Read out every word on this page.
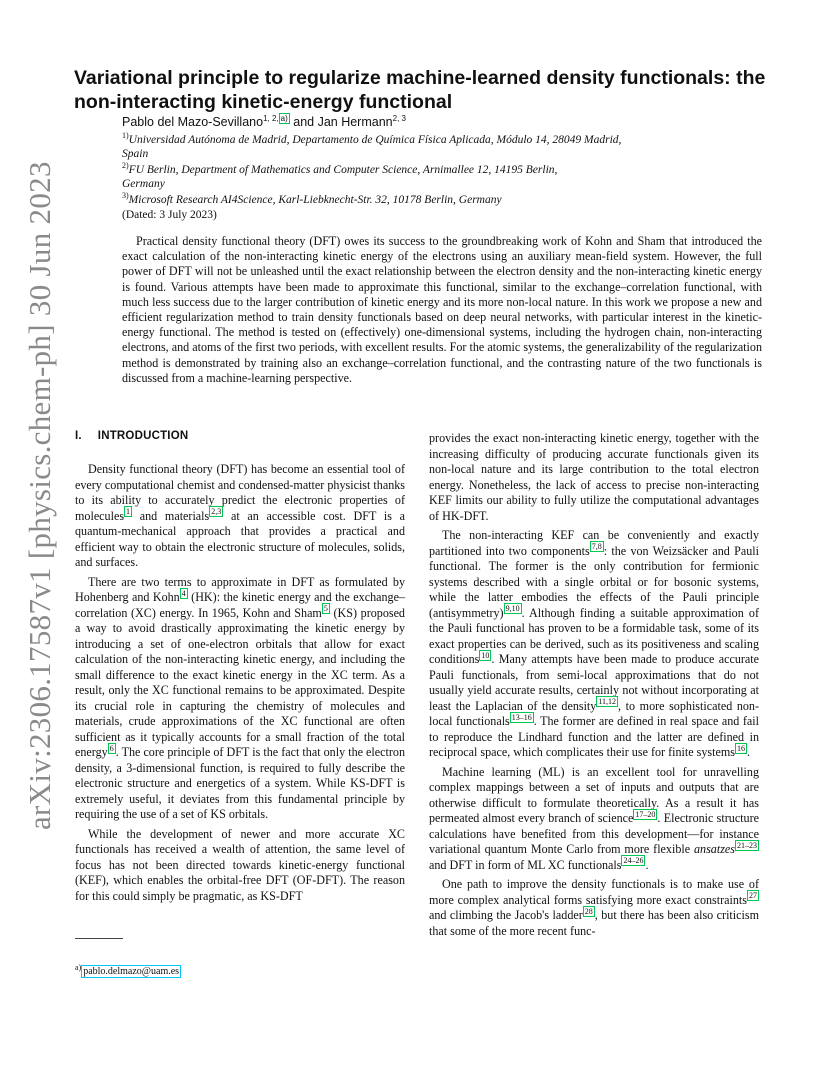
arXiv:2306.17587v1 [physics.chem-ph] 30 Jun 2023
Variational principle to regularize machine-learned density functionals: the
non-interacting kinetic-energy functional
Pablo del Mazo-Sevillano$^{1, 2,}$ $^{a)}$ and Jan Hermann$^{2, 3}$
$^{1)}$Universidad Autónoma de Madrid, Departamento de Química Física Aplicada, Módulo 14, 28049 Madrid,
Spain
$^{2)}$FU Berlin, Department of Mathematics and Computer Science, Arnimallee 12, 14195 Berlin,
Germany
$^{3)}$Microsoft Research AI4Science, Karl-Liebknecht-Str. 32, 10178 Berlin, Germany
(Dated: 3 July 2023)

Practical density functional theory (DFT) owes its success to the groundbreaking work of Kohn and Sham that introduced the exact calculation of the non-interacting kinetic energy of the electrons using an auxiliary mean-field system. However, the full power of DFT will not be unleashed until the exact relationship between the electron density and the non-interacting kinetic energy is found. Various attempts have been made to approximate this functional, similar to the exchange–correlation functional, with much less success due to the larger contribution of kinetic energy and its more non-local nature. In this work we propose a new and efficient regularization method to train density functionals based on deep neural networks, with particular interest in the kinetic-energy functional. The method is tested on (effectively) one-dimensional systems, including the hydrogen chain, non-interacting electrons, and atoms of the first two periods, with excellent results. For the atomic systems, the generalizability of the regularization method is demonstrated by training also an exchange–correlation functional, and the contrasting nature of the two functionals is discussed from a machine-learning perspective.

I. INTRODUCTION

Density functional theory (DFT) has become an essential tool of every computational chemist and condensed-matter physicist thanks to its ability to accurately predict the electronic properties of molecules $^1$ and materials $^{2,3}$ at an accessible cost. DFT is a quantum-mechanical approach that provides a practical and efficient way to obtain the electronic structure of molecules, solids, and surfaces.

There are two terms to approximate in DFT as formulated by Hohenberg and Kohn $^4$ (HK): the kinetic energy and the exchange–correlation (XC) energy. In 1965, Kohn and Sham $^5$ (KS) proposed a way to avoid drastically approximating the kinetic energy by introducing a set of one-electron orbitals that allow for exact calculation of the non-interacting kinetic energy, and including the small difference to the exact kinetic energy in the XC term. As a result, only the XC functional remains to be approximated. Despite its crucial role in capturing the chemistry of molecules and materials, crude approximations of the XC functional are often sufficient as it typically accounts for a small fraction of the total energy $^6$ . The core principle of DFT is the fact that only the electron density, a 3-dimensional function, is required to fully describe the electronic structure and energetics of a system. While KS-DFT is extremely useful, it deviates from this fundamental principle by requiring the use of a set of KS orbitals.

While the development of newer and more accurate XC functionals has received a wealth of attention, the same level of focus has not been directed towards kinetic-energy functional (KEF), which enables the orbital-free DFT (OF-DFT). The reason for this could simply be pragmatic, as KS-DFT

provides the exact non-interacting kinetic energy, together with the increasing difficulty of producing accurate functionals given its non-local nature and its large contribution to the total electron energy. Nonetheless, the lack of access to precise non-interacting KEF limits our ability to fully utilize the computational advantages of HK-DFT.

The non-interacting KEF can be conveniently and exactly partitioned into two components $^{7,8}$ : the von Weizsäcker and Pauli functional. The former is the only contribution for fermionic systems described with a single orbital or for bosonic systems, while the latter embodies the effects of the Pauli principle (antisymmetry) $^{9,10}$ . Although finding a suitable approximation of the Pauli functional has proven to be a formidable task, some of its exact properties can be derived, such as its positiveness and scaling conditions $^{10}$ . Many attempts have been made to produce accurate Pauli functionals, from semi-local approximations that do not usually yield accurate results, certainly not without incorporating at least the Laplacian of the density $^{11,12}$ , to more sophisticated non-local functionals $^{13-16}$ . The former are defined in real space and fail to reproduce the Lindhard function and the latter are defined in reciprocal space, which complicates their use for finite systems $^{16}$ .

Machine learning (ML) is an excellent tool for unravelling complex mappings between a set of inputs and outputs that are otherwise difficult to formulate theoretically. As a result it has permeated almost every branch of science $^{17-20}$ . Electronic structure calculations have benefited from this development—for instance variational quantum Monte Carlo from more flexible ansatzes $^{21-23}$ and DFT in form of ML XC functionals $^{24-26}$ .

One path to improve the density functionals is to make use of more complex analytical forms satisfying more exact constraints $^{27}$ and climbing the Jacob's ladder $^{28}$ , but there has been also criticism that some of the more recent func-

$^{a)}$ pablo.delmazo@uam.es
